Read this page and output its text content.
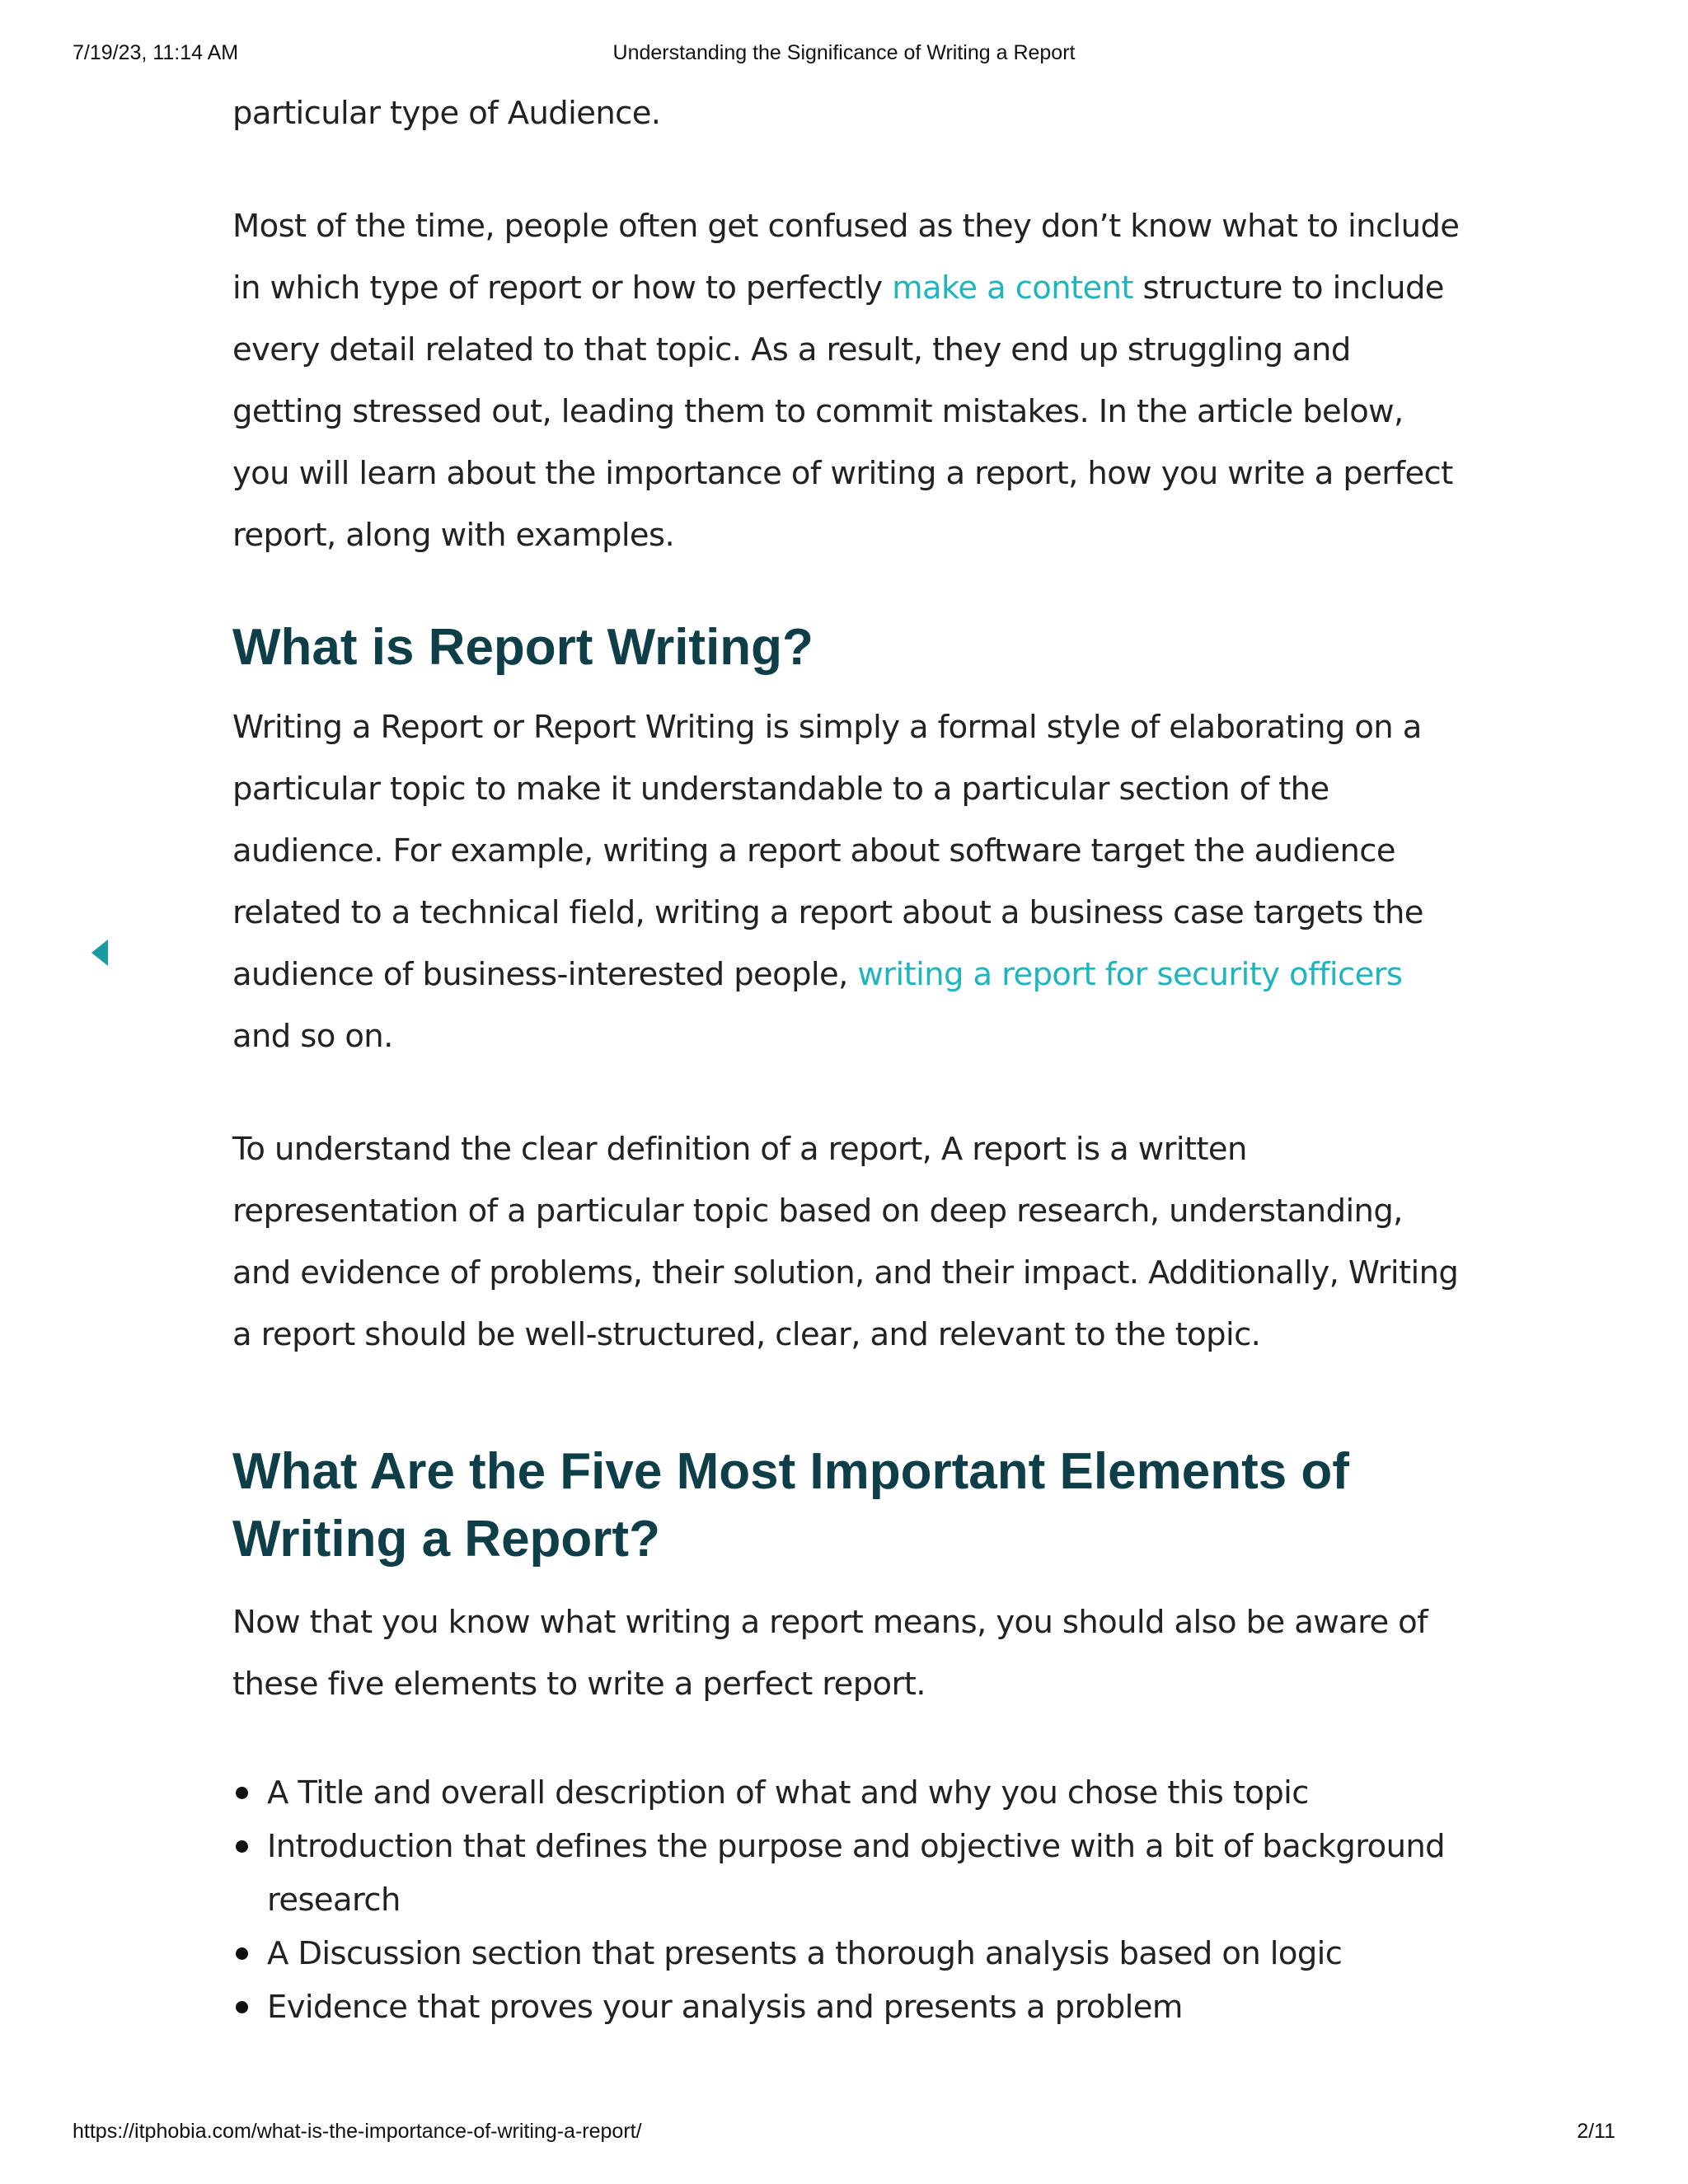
7/19/23, 11:14 AM	Understanding the Significance of Writing a Report

particular type of Audience.

Most of the time, people often get confused as they don’t know what to include in which type of report or how to perfectly make a content structure to include every detail related to that topic. As a result, they end up struggling and getting stressed out, leading them to commit mistakes. In the article below, you will learn about the importance of writing a report, how you write a perfect report, along with examples.

What is Report Writing?

Writing a Report or Report Writing is simply a formal style of elaborating on a particular topic to make it understandable to a particular section of the audience. For example, writing a report about software target the audience related to a technical field, writing a report about a business case targets the audience of business-interested people, writing a report for security officers and so on.

To understand the clear definition of a report, A report is a written representation of a particular topic based on deep research, understanding, and evidence of problems, their solution, and their impact. Additionally, Writing a report should be well-structured, clear, and relevant to the topic.

What Are the Five Most Important Elements of Writing a Report?

Now that you know what writing a report means, you should also be aware of these five elements to write a perfect report.

A Title and overall description of what and why you chose this topic
Introduction that defines the purpose and objective with a bit of background research
A Discussion section that presents a thorough analysis based on logic
Evidence that proves your analysis and presents a problem
https://itphobia.com/what-is-the-importance-of-writing-a-report/	2/11
